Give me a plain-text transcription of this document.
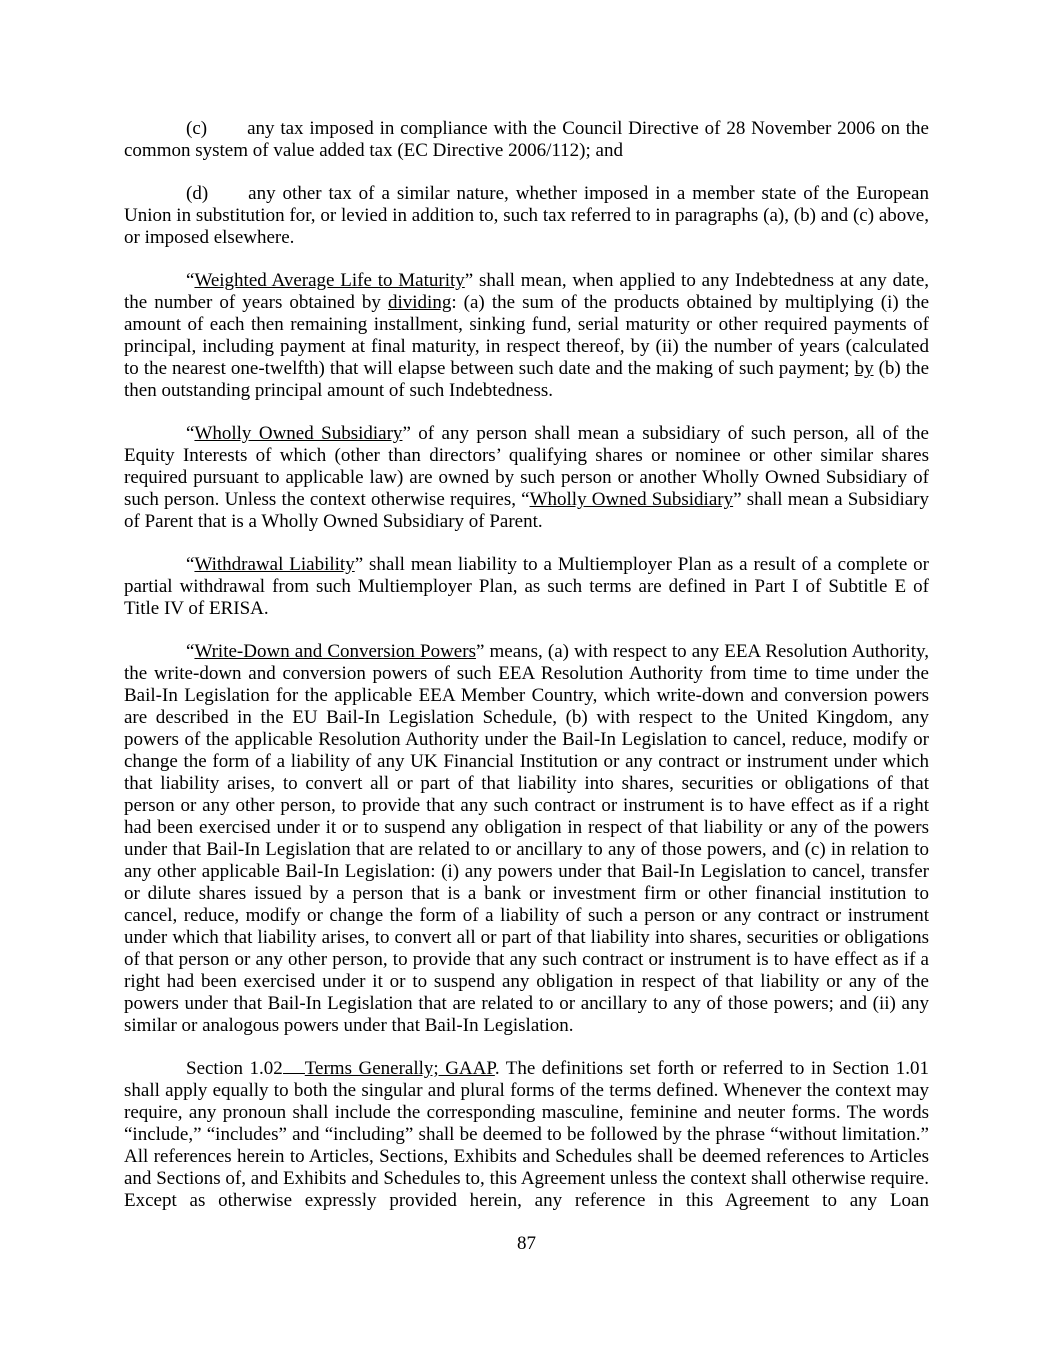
(c) any tax imposed in compliance with the Council Directive of 28 November 2006 on the common system of value added tax (EC Directive 2006/112); and

(d) any other tax of a similar nature, whether imposed in a member state of the European Union in substitution for, or levied in addition to, such tax referred to in paragraphs (a), (b) and (c) above, or imposed elsewhere.

“Weighted Average Life to Maturity” shall mean, when applied to any Indebtedness at any date, the number of years obtained by dividing: (a) the sum of the products obtained by multiplying (i) the amount of each then remaining installment, sinking fund, serial maturity or other required payments of principal, including payment at final maturity, in respect thereof, by (ii) the number of years (calculated to the nearest one-twelfth) that will elapse between such date and the making of such payment; by (b) the then outstanding principal amount of such Indebtedness.

“Wholly Owned Subsidiary” of any person shall mean a subsidiary of such person, all of the Equity Interests of which (other than directors’ qualifying shares or nominee or other similar shares required pursuant to applicable law) are owned by such person or another Wholly Owned Subsidiary of such person. Unless the context otherwise requires, “Wholly Owned Subsidiary” shall mean a Subsidiary of Parent that is a Wholly Owned Subsidiary of Parent.

“Withdrawal Liability” shall mean liability to a Multiemployer Plan as a result of a complete or partial withdrawal from such Multiemployer Plan, as such terms are defined in Part I of Subtitle E of Title IV of ERISA.

“Write-Down and Conversion Powers” means, (a) with respect to any EEA Resolution Authority, the write-down and conversion powers of such EEA Resolution Authority from time to time under the Bail-In Legislation for the applicable EEA Member Country, which write-down and conversion powers are described in the EU Bail-In Legislation Schedule, (b) with respect to the United Kingdom, any powers of the applicable Resolution Authority under the Bail-In Legislation to cancel, reduce, modify or change the form of a liability of any UK Financial Institution or any contract or instrument under which that liability arises, to convert all or part of that liability into shares, securities or obligations of that person or any other person, to provide that any such contract or instrument is to have effect as if a right had been exercised under it or to suspend any obligation in respect of that liability or any of the powers under that Bail-In Legislation that are related to or ancillary to any of those powers, and (c) in relation to any other applicable Bail-In Legislation: (i) any powers under that Bail-In Legislation to cancel, transfer or dilute shares issued by a person that is a bank or investment firm or other financial institution to cancel, reduce, modify or change the form of a liability of such a person or any contract or instrument under which that liability arises, to convert all or part of that liability into shares, securities or obligations of that person or any other person, to provide that any such contract or instrument is to have effect as if a right had been exercised under it or to suspend any obligation in respect of that liability or any of the powers under that Bail-In Legislation that are related to or ancillary to any of those powers; and (ii) any similar or analogous powers under that Bail-In Legislation.

Section 1.02 Terms Generally; GAAP. The definitions set forth or referred to in Section 1.01 shall apply equally to both the singular and plural forms of the terms defined. Whenever the context may require, any pronoun shall include the corresponding masculine, feminine and neuter forms. The words “include,” “includes” and “including” shall be deemed to be followed by the phrase “without limitation.” All references herein to Articles, Sections, Exhibits and Schedules shall be deemed references to Articles and Sections of, and Exhibits and Schedules to, this Agreement unless the context shall otherwise require. Except as otherwise expressly provided herein, any reference in this Agreement to any Loan

87
